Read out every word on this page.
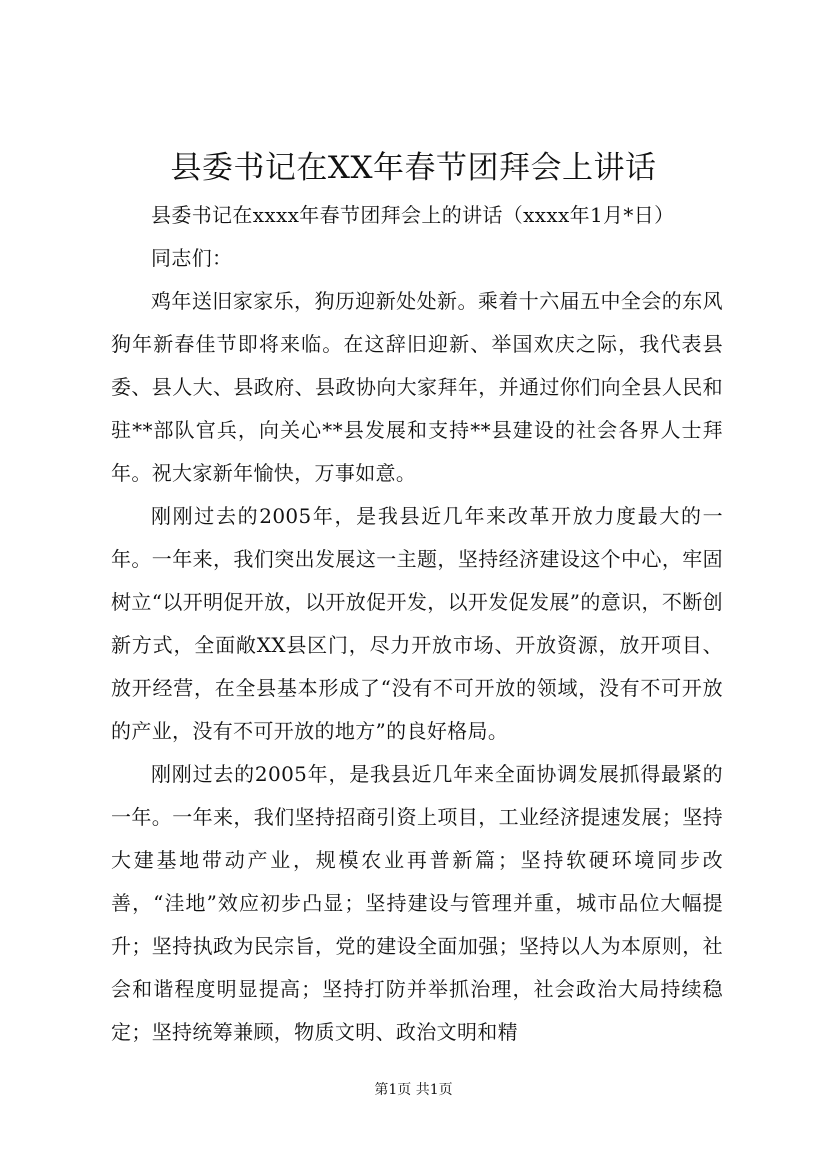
县委书记在XX年春节团拜会上讲话

县委书记在xxxx年春节团拜会上的讲话（xxxx年1月*日）

同志们：

鸡年送旧家家乐，狗历迎新处处新。乘着十六届五中全会的东风狗年新春佳节即将来临。在这辞旧迎新、举国欢庆之际，我代表县委、县人大、县政府、县政协向大家拜年，并通过你们向全县人民和驻**部队官兵，向关心**县发展和支持**县建设的社会各界人士拜年。祝大家新年愉快，万事如意。

刚刚过去的2005年，是我县近几年来改革开放力度最大的一年。一年来，我们突出发展这一主题，坚持经济建设这个中心，牢固树立“以开明促开放，以开放促开发，以开发促发展”的意识，不断创新方式，全面敞XX县区门，尽力开放市场、开放资源，放开项目、放开经营，在全县基本形成了“没有不可开放的领域，没有不可开放的产业，没有不可开放的地方”的良好格局。

刚刚过去的2005年，是我县近几年来全面协调发展抓得最紧的一年。一年来，我们坚持招商引资上项目，工业经济提速发展；坚持大建基地带动产业，规模农业再普新篇；坚持软硬环境同步改善，“洼地”效应初步凸显；坚持建设与管理并重，城市品位大幅提升；坚持执政为民宗旨，党的建设全面加强；坚持以人为本原则，社会和谐程度明显提高；坚持打防并举抓治理，社会政治大局持续稳定；坚持统筹兼顾，物质文明、政治文明和精

第1页 共1页
